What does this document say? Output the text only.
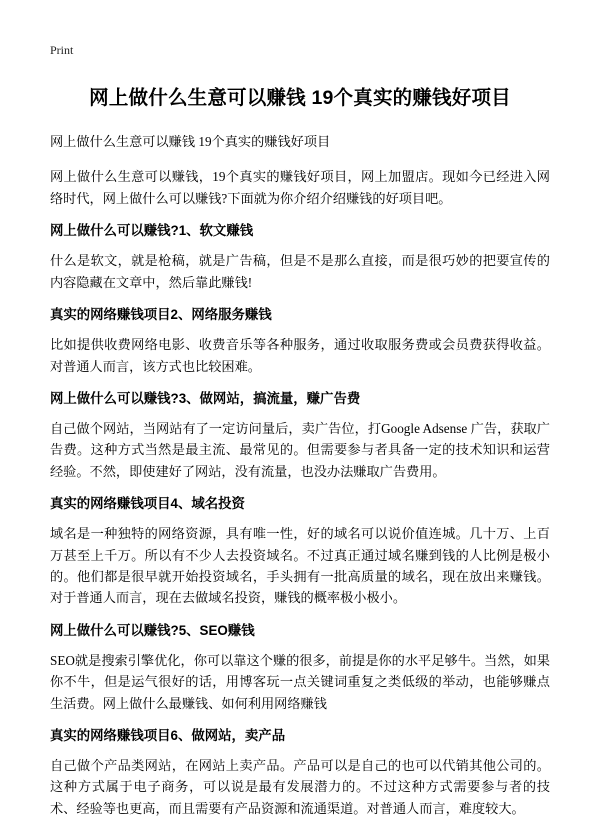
Print
网上做什么生意可以赚钱 19个真实的赚钱好项目
网上做什么生意可以赚钱 19个真实的赚钱好项目

网上做什么生意可以赚钱，19个真实的赚钱好项目，网上加盟店。现如今已经进入网络时代，网上做什么可以赚钱?下面就为你介绍介绍赚钱的好项目吧。

网上做什么可以赚钱?1、软文赚钱

什么是软文，就是枪稿，就是广告稿，但是不是那么直接，而是很巧妙的把要宣传的内容隐藏在文章中，然后靠此赚钱!

真实的网络赚钱项目2、网络服务赚钱

比如提供收费网络电影、收费音乐等各种服务，通过收取服务费或会员费获得收益。对普通人而言，该方式也比较困难。

网上做什么可以赚钱?3、做网站，搞流量，赚广告费

自己做个网站，当网站有了一定访问量后，卖广告位，打Google Adsense 广告，获取广告费。这种方式当然是最主流、最常见的。但需要参与者具备一定的技术知识和运营经验。不然，即使建好了网站，没有流量，也没办法赚取广告费用。

真实的网络赚钱项目4、域名投资

域名是一种独特的网络资源，具有唯一性，好的域名可以说价值连城。几十万、上百万甚至上千万。所以有不少人去投资域名。不过真正通过域名赚到钱的人比例是极小的。他们都是很早就开始投资域名，手头拥有一批高质量的域名，现在放出来赚钱。对于普通人而言，现在去做域名投资，赚钱的概率极小极小。

网上做什么可以赚钱?5、SEO赚钱

SEO就是搜索引擎优化，你可以靠这个赚的很多，前提是你的水平足够牛。当然，如果你不牛，但是运气很好的话，用博客玩一点关键词重复之类低级的举动，也能够赚点生活费。网上做什么最赚钱、如何利用网络赚钱

真实的网络赚钱项目6、做网站，卖产品

自己做个产品类网站，在网站上卖产品。产品可以是自己的也可以代销其他公司的。这种方式属于电子商务，可以说是最有发展潜力的。不过这种方式需要参与者的技术、经验等也更高，而且需要有产品资源和流通渠道。对普通人而言，难度较大。
